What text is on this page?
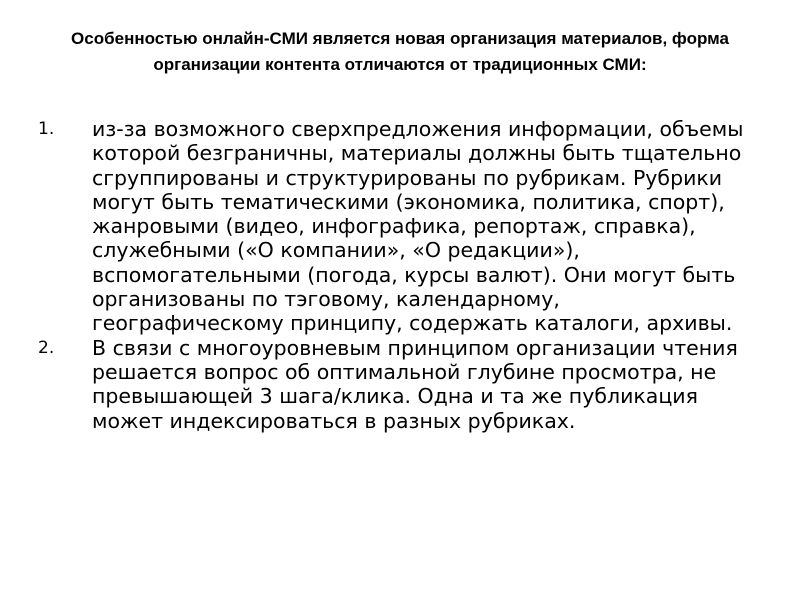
Особенностью онлайн-СМИ является новая организация материалов, форма организации контента отличаются от традиционных СМИ:
1. из-за возможного сверхпредложения информации, объемы которой безграничны, материалы должны быть тщательно сгруппированы и структурированы по рубрикам. Рубрики могут быть тематическими (экономика, политика, спорт), жанровыми (видео, инфографика, репортаж, справка), служебными («О компании», «О редакции»), вспомогательными (погода, курсы валют). Они могут быть организованы по тэговому, календарному, географическому принципу, содержать каталоги, архивы.
2. В связи с многоуровневым принципом организации чтения решается вопрос об оптимальной глубине просмотра, не превышающей 3 шага/клика. Одна и та же публикация может индексироваться в разных рубриках.
